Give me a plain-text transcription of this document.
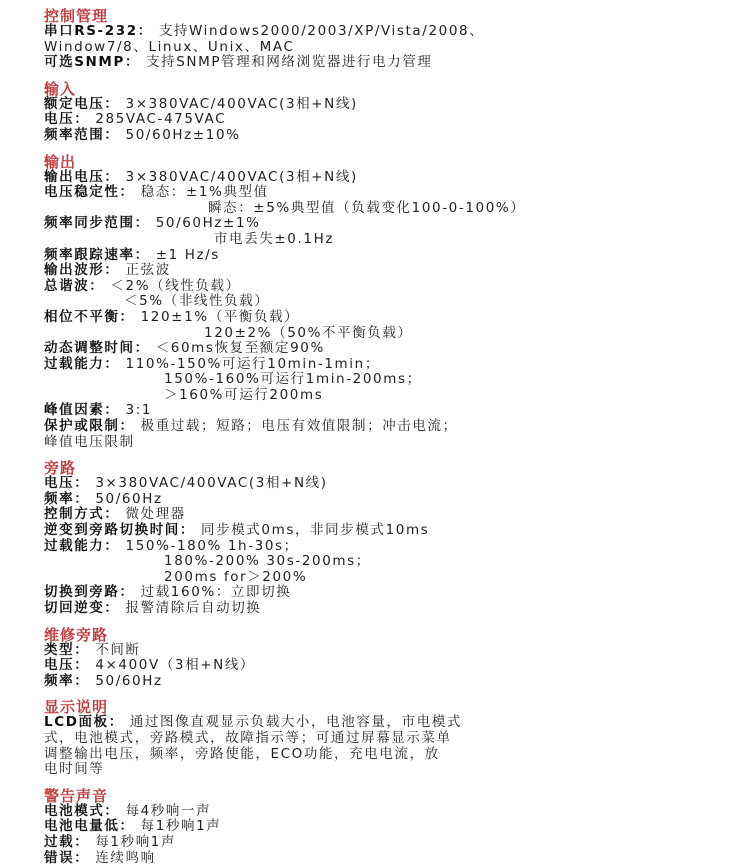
控制管理
串口RS-232： 支持Windows2000/2003/XP/Vista/2008、
Window7/8、Linux、Unix、MAC
可选SNMP： 支持SNMP管理和网络浏览器进行电力管理
输入
额定电压： 3×380VAC/400VAC(3相+N线)
电压： 285VAC-475VAC
频率范围： 50/60Hz±10%
输出
输出电压： 3×380VAC/400VAC(3相+N线)
电压稳定性： 稳态：±1%典型值
瞬态：±5%典型值（负载变化100-0-100%）
频率同步范围： 50/60Hz±1%
市电丢失±0.1Hz
频率跟踪速率： ±1 Hz/s
输出波形： 正弦波
总谐波： ＜2%（线性负载）
＜5%（非线性负载）
相位不平衡： 120±1%（平衡负载）
120±2%（50%不平衡负载）
动态调整时间： ＜60ms恢复至额定90%
过载能力： 110%-150%可运行10min-1min；
150%-160%可运行1min-200ms；
＞160%可运行200ms
峰值因素： 3:1
保护或限制： 极重过载；短路；电压有效值限制；冲击电流；
峰值电压限制
旁路
电压： 3×380VAC/400VAC(3相+N线)
频率： 50/60Hz
控制方式： 微处理器
逆变到旁路切换时间： 同步模式0ms，非同步模式10ms
过载能力： 150%-180% 1h-30s；
180%-200% 30s-200ms；
200ms for＞200%
切换到旁路： 过载160%：立即切换
切回逆变： 报警清除后自动切换
维修旁路
类型： 不间断
电压： 4×400V（3相+N线）
频率： 50/60Hz
显示说明
LCD面板： 通过图像直观显示负载大小，电池容量，市电模式
式，电池模式，旁路模式，故障指示等；可通过屏幕显示菜单
调整输出电压，频率，旁路使能，ECO功能，充电电流，放
电时间等
警告声音
电池模式： 每4秒响一声
电池电量低： 每1秒响1声
过载： 每1秒响1声
错误： 连续鸣响
